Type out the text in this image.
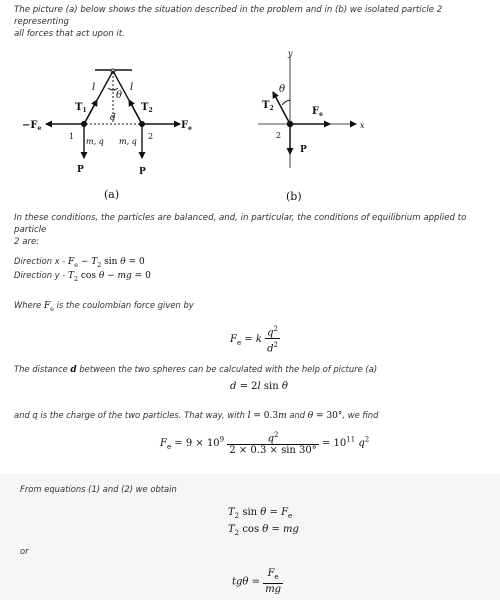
The picture (a) below shows the situation described in the problem and in (b) we isolated particle 2 representing
all forces that act upon it.
l	l
θ
$T_1$	$T_2$
$-F_e$	$F_e$
d
1	2
m, q m, q
P	P
(a)
y
x
θ
$T_2$	$F_e$
2
P
(b)
In these conditions, the particles are balanced, and, in particular, the conditions of equilibrium applied to particle
2 are:
Direction $x - F_e - T_2$ sin θ = 0
Direction y - $T_2$ cos θ − mg = 0
Where $F_e$ is the coulombian force given by
$F_e = k \frac{q^2}{d^2}$
The distance d between the two spheres can be calculated with the help of picture (a)
d = 2l sin θ
and q is the charge of the two particles. That way, with l = 0.3m and θ = 30°, we find
$F_e = 9 \times 10^9 \frac{q^2}{2 \times 0.3 \times \sin 30^\circ} = 10^{11}$ $q^2$
From equations (1) and (2) we obtain
$T_2$ $\sin \theta = F_e$
$T_2$ cos θ = mg
or
$tg\theta = \frac{F_e}{mg}$
